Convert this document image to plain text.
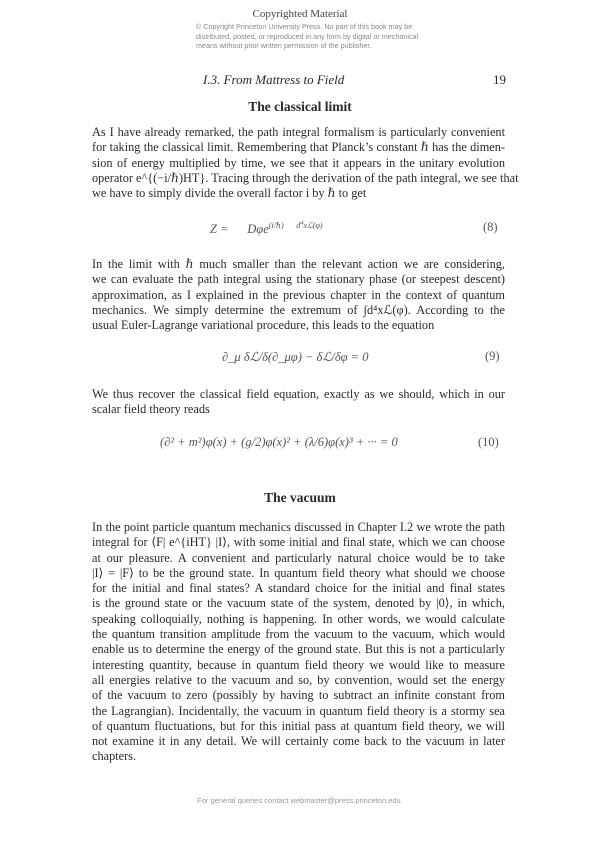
Copyrighted Material
© Copyright Princeton University Press. No part of this book may be distributed, posted, or reproduced in any form by digital or mechanical means without prior written permission of the publisher.
I.3. From Mattress to Field	19
The classical limit
As I have already remarked, the path integral formalism is particularly convenient
for taking the classical limit. Remembering that Planck’s constant ℏ has the dimen-
sion of energy multiplied by time, we see that it appears in the unitary evolution
operator e^{(−i/ℏ)HT}. Tracing through the derivation of the path integral, we see that
we have to simply divide the overall factor i by ℏ to get
Z =      Dφe$^{(i/\hbar)}$ $^{d^4xℒ(\varphi)}$	(8)
In the limit with ℏ much smaller than the relevant action we are considering,
we can evaluate the path integral using the stationary phase (or steepest descent)
approximation, as I explained in the previous chapter in the context of quantum
mechanics. We simply determine the extremum of ∫d⁴xℒ(φ). According to the
usual Euler-Lagrange variational procedure, this leads to the equation
∂_μ δℒ/δ(∂_μφ) − δℒ/δφ = 0	(9)
We thus recover the classical field equation, exactly as we should, which in our
scalar field theory reads
(∂² + m²)φ(x) + (g/2)φ(x)² + (λ/6)φ(x)³ + ··· = 0	(10)
The vacuum
In the point particle quantum mechanics discussed in Chapter I.2 we wrote the path
integral for ⟨F| e^{iHT} |I⟩, with some initial and final state, which we can choose
at our pleasure. A convenient and particularly natural choice would be to take
|I⟩ = |F⟩ to be the ground state. In quantum field theory what should we choose
for the initial and final states? A standard choice for the initial and final states
is the ground state or the vacuum state of the system, denoted by |0⟩, in which,
speaking colloquially, nothing is happening. In other words, we would calculate
the quantum transition amplitude from the vacuum to the vacuum, which would
enable us to determine the energy of the ground state. But this is not a particularly
interesting quantity, because in quantum field theory we would like to measure
all energies relative to the vacuum and so, by convention, would set the energy
of the vacuum to zero (possibly by having to subtract an infinite constant from
the Lagrangian). Incidentally, the vacuum in quantum field theory is a stormy sea
of quantum fluctuations, but for this initial pass at quantum field theory, we will
not examine it in any detail. We will certainly come back to the vacuum in later
chapters.
For general queries contact webmaster@press.princeton.edu.
